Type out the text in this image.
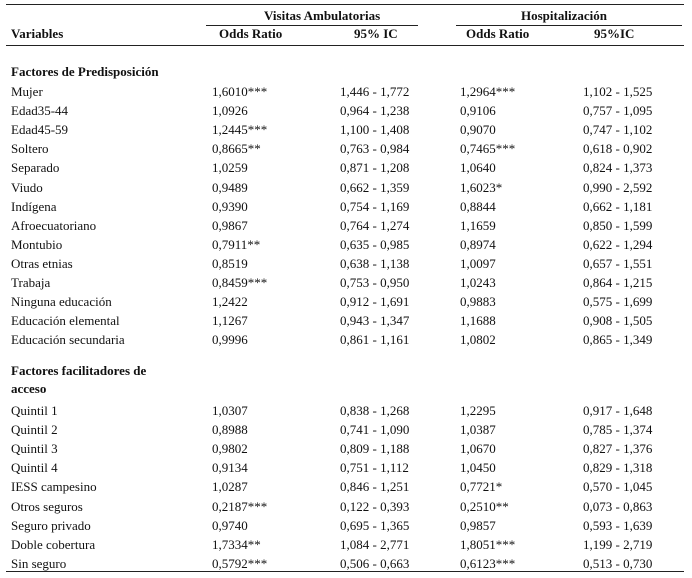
Visitas Ambulatorias	Hospitalización
Variables	Odds Ratio	95% IC	Odds Ratio	95%IC
Factores de Predisposición
Mujer	1,6010***	1,446 - 1,772	1,2964***	1,102 - 1,525
Edad35-44	1,0926	0,964 - 1,238	0,9106	0,757 - 1,095
Edad45-59	1,2445***	1,100 - 1,408	0,9070	0,747 - 1,102
Soltero	0,8665**	0,763 - 0,984	0,7465***	0,618 - 0,902
Separado	1,0259	0,871 - 1,208	1,0640	0,824 - 1,373
Viudo	0,9489	0,662 - 1,359	1,6023*	0,990 - 2,592
Indígena	0,9390	0,754 - 1,169	0,8844	0,662 - 1,181
Afroecuatoriano	0,9867	0,764 - 1,274	1,1659	0,850 - 1,599
Montubio	0,7911**	0,635 - 0,985	0,8974	0,622 - 1,294
Otras etnias	0,8519	0,638 - 1,138	1,0097	0,657 - 1,551
Trabaja	0,8459***	0,753 - 0,950	1,0243	0,864 - 1,215
Ninguna educación	1,2422	0,912 - 1,691	0,9883	0,575 - 1,699
Educación elemental	1,1267	0,943 - 1,347	1,1688	0,908 - 1,505
Educación secundaria	0,9996	0,861 - 1,161	1,0802	0,865 - 1,349
Factores facilitadores de
acceso
Quintil 1	1,0307	0,838 - 1,268	1,2295	0,917 - 1,648
Quintil 2	0,8988	0,741 - 1,090	1,0387	0,785 - 1,374
Quintil 3	0,9802	0,809 - 1,188	1,0670	0,827 - 1,376
Quintil 4	0,9134	0,751 - 1,112	1,0450	0,829 - 1,318
IESS campesino	1,0287	0,846 - 1,251	0,7721*	0,570 - 1,045
Otros seguros	0,2187***	0,122 - 0,393	0,2510**	0,073 - 0,863
Seguro privado	0,9740	0,695 - 1,365	0,9857	0,593 - 1,639
Doble cobertura	1,7334**	1,084 - 2,771	1,8051***	1,199 - 2,719
Sin seguro	0,5792***	0,506 - 0,663	0,6123***	0,513 - 0,730
